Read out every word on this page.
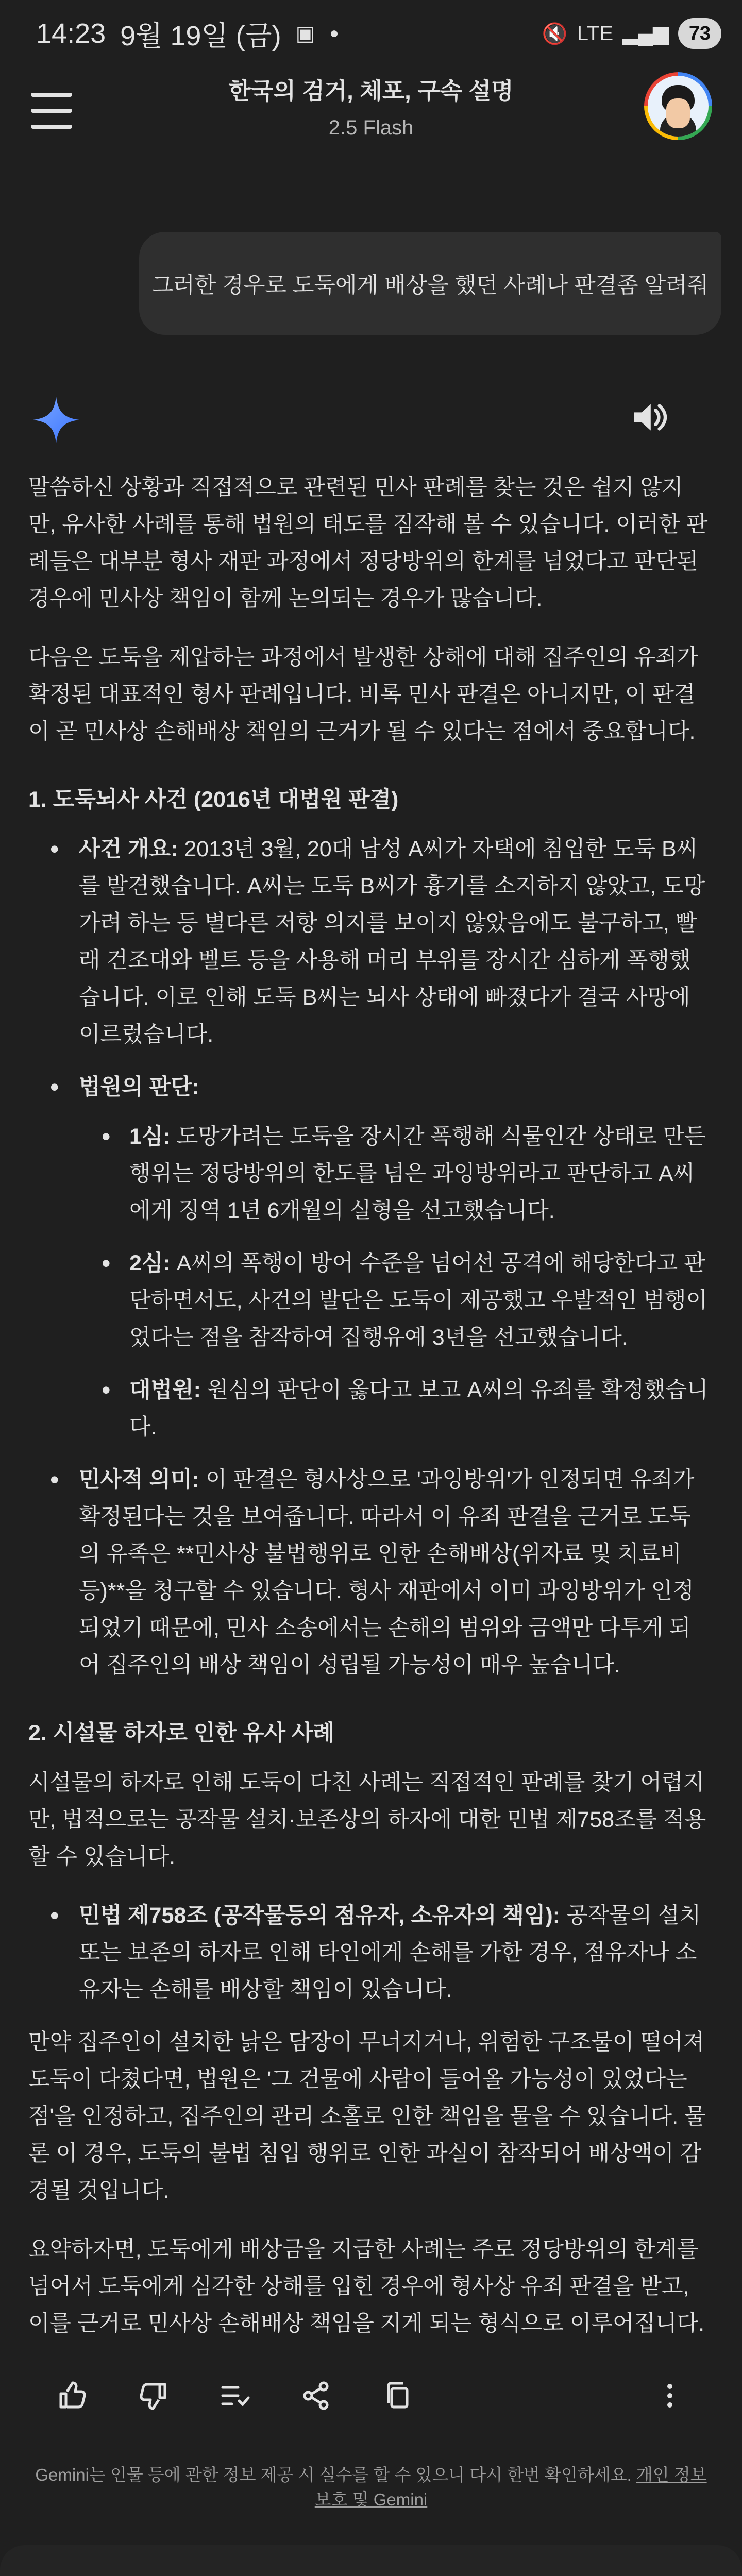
14:23 9월 19일 (금) ▣ ●	🔇 LTE ▂▄▆	73
한국의 검거, 체포, 구속 설명
2.5 Flash
그러한 경우로 도둑에게 배상을 했던 사례나 판결좀 알려줘

말씀하신 상황과 직접적으로 관련된 민사 판례를 찾는 것은 쉽지 않지만, 유사한 사례를 통해 법원의 태도를 짐작해 볼 수 있습니다. 이러한 판례들은 대부분 형사 재판 과정에서 정당방위의 한계를 넘었다고 판단된 경우에 민사상 책임이 함께 논의되는 경우가 많습니다.

다음은 도둑을 제압하는 과정에서 발생한 상해에 대해 집주인의 유죄가 확정된 대표적인 형사 판례입니다. 비록 민사 판결은 아니지만, 이 판결이 곧 민사상 손해배상 책임의 근거가 될 수 있다는 점에서 중요합니다.

1. 도둑뇌사 사건 (2016년 대법원 판결)
• 사건 개요: 2013년 3월, 20대 남성 A씨가 자택에 침입한 도둑 B씨를 발견했습니다. A씨는 도둑 B씨가 흉기를 소지하지 않았고, 도망가려 하는 등 별다른 저항 의지를 보이지 않았음에도 불구하고, 빨래 건조대와 벨트 등을 사용해 머리 부위를 장시간 심하게 폭행했습니다. 이로 인해 도둑 B씨는 뇌사 상태에 빠졌다가 결국 사망에 이르렀습니다.
• 법원의 판단:
• 1심: 도망가려는 도둑을 장시간 폭행해 식물인간 상태로 만든 행위는 정당방위의 한도를 넘은 과잉방위라고 판단하고 A씨에게 징역 1년 6개월의 실형을 선고했습니다.
• 2심: A씨의 폭행이 방어 수준을 넘어선 공격에 해당한다고 판단하면서도, 사건의 발단은 도둑이 제공했고 우발적인 범행이었다는 점을 참작하여 집행유예 3년을 선고했습니다.
• 대법원: 원심의 판단이 옳다고 보고 A씨의 유죄를 확정했습니다.
• 민사적 의미: 이 판결은 형사상으로 '과잉방위'가 인정되면 유죄가 확정된다는 것을 보여줍니다. 따라서 이 유죄 판결을 근거로 도둑의 유족은 **민사상 불법행위로 인한 손해배상(위자료 및 치료비 등)**을 청구할 수 있습니다. 형사 재판에서 이미 과잉방위가 인정되었기 때문에, 민사 소송에서는 손해의 범위와 금액만 다투게 되어 집주인의 배상 책임이 성립될 가능성이 매우 높습니다.
2. 시설물 하자로 인한 유사 사례

시설물의 하자로 인해 도둑이 다친 사례는 직접적인 판례를 찾기 어렵지만, 법적으로는 공작물 설치·보존상의 하자에 대한 민법 제758조를 적용할 수 있습니다.

• 민법 제758조 (공작물등의 점유자, 소유자의 책임): 공작물의 설치 또는 보존의 하자로 인해 타인에게 손해를 가한 경우, 점유자나 소유자는 손해를 배상할 책임이 있습니다.

만약 집주인이 설치한 낡은 담장이 무너지거나, 위험한 구조물이 떨어져 도둑이 다쳤다면, 법원은 '그 건물에 사람이 들어올 가능성이 있었다는 점'을 인정하고, 집주인의 관리 소홀로 인한 책임을 물을 수 있습니다. 물론 이 경우, 도둑의 불법 침입 행위로 인한 과실이 참작되어 배상액이 감경될 것입니다.

요약하자면, 도둑에게 배상금을 지급한 사례는 주로 정당방위의 한계를 넘어서 도둑에게 심각한 상해를 입힌 경우에 형사상 유죄 판결을 받고, 이를 근거로 민사상 손해배상 책임을 지게 되는 형식으로 이루어집니다.

Gemini는 인물 등에 관한 정보 제공 시 실수를 할 수 있으니 다시 한번 확인하세요. 개인 정보 보호 및 Gemini
